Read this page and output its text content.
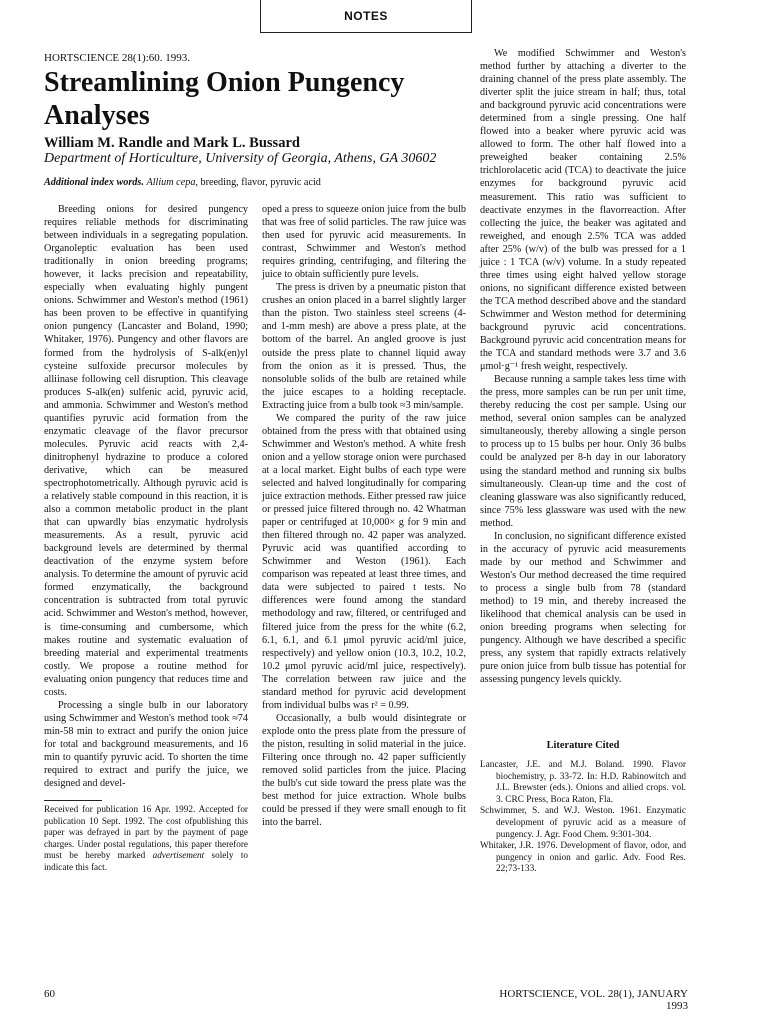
NOTES
HORTSCIENCE 28(1):60. 1993.
Streamlining Onion Pungency Analyses
William M. Randle and Mark L. Bussard
Department of Horticulture, University of Georgia, Athens, GA 30602
Additional index words. Allium cepa, breeding, flavor, pyruvic acid

Breeding onions for desired pungency requires reliable methods for discriminating between individuals in a segregating population. Organoleptic evaluation has been used traditionally in onion breeding programs; however, it lacks precision and repeatability, especially when evaluating highly pungent onions. Schwimmer and Weston's method (1961) has been proven to be effective in quantifying onion pungency (Lancaster and Boland, 1990; Whitaker, 1976). Pungency and other flavors are formed from the hydrolysis of S-alk(en)yl cysteine sulfoxide precursor molecules by alliinase following cell disruption. This cleavage produces S-alk(en) sulfenic acid, pyruvic acid, and ammonia. Schwimmer and Weston's method quantifies pyruvic acid formation from the enzymatic cleavage of the flavor precursor molecules. Pyruvic acid reacts with 2,4-dinitrophenyl hydrazine to produce a colored derivative, which can be measured spectrophotometrically. Although pyruvic acid is a relatively stable compound in this reaction, it is also a common metabolic product in the plant that can upwardly bias enzymatic hydrolysis measurements. As a result, pyruvic acid background levels are determined by thermal deactivation of the enzyme system before analysis. To determine the amount of pyruvic acid formed enzymatically, the background concentration is subtracted from total pyruvic acid. Schwimmer and Weston's method, however, is time-consuming and cumbersome, which makes routine and systematic evaluation of breeding material and experimental treatments costly. We propose a routine method for evaluating onion pungency that reduces time and costs.

Processing a single bulb in our laboratory using Schwimmer and Weston's method took ≈74 min-58 min to extract and purify the onion juice for total and background measurements, and 16 min to quantify pyruvic acid. To shorten the time required to extract and purify the juice, we designed and devel-

oped a press to squeeze onion juice from the bulb that was free of solid particles. The raw juice was then used for pyruvic acid measurements. In contrast, Schwimmer and Weston's method requires grinding, centrifuging, and filtering the juice to obtain sufficiently pure levels.

The press is driven by a pneumatic piston that crushes an onion placed in a barrel slightly larger than the piston. Two stainless steel screens (4- and 1-mm mesh) are above a press plate, at the bottom of the barrel. An angled groove is just outside the press plate to channel liquid away from the onion as it is pressed. Thus, the nonsoluble solids of the bulb are retained while the juice escapes to a holding receptacle. Extracting juice from a bulb took ≈3 min/sample.

We compared the purity of the raw juice obtained from the press with that obtained using Schwimmer and Weston's method. A white fresh onion and a yellow storage onion were purchased at a local market. Eight bulbs of each type were selected and halved longitudinally for comparing juice extraction methods. Either pressed raw juice or pressed juice filtered through no. 42 Whatman paper or centrifuged at 10,000× g for 9 min and then filtered through no. 42 paper was analyzed. Pyruvic acid was quantified according to Schwimmer and Weston (1961). Each comparison was repeated at least three times, and data were subjected to paired t tests. No differences were found among the standard methodology and raw, filtered, or centrifuged and filtered juice from the press for the white (6.2, 6.1, 6.1, and 6.1 μmol pyruvic acid/ml juice, respectively) and yellow onion (10.3, 10.2, 10.2, 10.2 μmol pyruvic acid/ml juice, respectively). The correlation between raw juice and the standard method for pyruvic acid development from individual bulbs was r² = 0.99.

Occasionally, a bulb would disintegrate or explode onto the press plate from the pressure of the piston, resulting in solid material in the juice. Filtering once through no. 42 paper sufficiently removed solid particles from the juice. Placing the bulb's cut side toward the press plate was the best method for juice extraction. Whole bulbs could be pressed if they were small enough to fit into the barrel.

We modified Schwimmer and Weston's method further by attaching a diverter to the draining channel of the press plate assembly. The diverter split the juice stream in half; thus, total and background pyruvic acid concentrations were determined from a single pressing. One half flowed into a beaker where pyruvic acid was allowed to form. The other half flowed into a preweighed beaker containing 2.5% trichlorolacetic acid (TCA) to deactivate the juice enzymes for background pyruvic acid measurement. This ratio was sufficient to deactivate enzymes in the flavorreaction. After collecting the juice, the beaker was agitated and reweighed, and enough 2.5% TCA was added after 25% (w/v) of the bulb was pressed for a 1 juice : 1 TCA (w/v) volume. In a study repeated three times using eight halved yellow storage onions, no significant difference existed between the TCA method described above and the standard Schwimmer and Weston method for determining background pyruvic acid concentrations. Background pyruvic acid concentration means for the TCA and standard methods were 3.7 and 3.6 μmol·g⁻¹ fresh weight, respectively.

Because running a sample takes less time with the press, more samples can be run per unit time, thereby reducing the cost per sample. Using our method, several onion samples can be analyzed simultaneously, thereby allowing a single person to process up to 15 bulbs per hour. Only 36 bulbs could be analyzed per 8-h day in our laboratory using the standard method and running six bulbs simultaneously. Clean-up time and the cost of cleaning glassware was also significantly reduced, since 75% less glassware was used with the new method.

In conclusion, no significant difference existed in the accuracy of pyruvic acid measurements made by our method and Schwimmer and Weston's Our method decreased the time required to process a single bulb from 78 (standard method) to 19 min, and thereby increased the likelihood that chemical analysis can be used in onion breeding programs when selecting for pungency. Although we have described a specific press, any system that rapidly extracts relatively pure onion juice from bulb tissue has potential for assessing pungency levels quickly.

Received for publication 16 Apr. 1992. Accepted for publication 10 Sept. 1992. The cost ofpublishing this paper was defrayed in part by the payment of page charges. Under postal regulations, this paper therefore must be hereby marked advertisement solely to indicate this fact.
Literature Cited

Lancaster, J.E. and M.J. Boland. 1990. Flavor biochemistry, p. 33-72. In: H.D. Rabinowitch and J.L. Brewster (eds.). Onions and allied crops. vol. 3. CRC Press, Boca Raton, Fla.

Schwimmer, S. and W.J. Weston. 1961. Enzymatic development of pyruvic acid as a measure of pungency. J. Agr. Food Chem. 9:301-304.

Whitaker, J.R. 1976. Development of flavor, odor, and pungency in onion and garlic. Adv. Food Res. 22;73-133.

60	HORTSCIENCE, VOL. 28(1), JANUARY 1993
